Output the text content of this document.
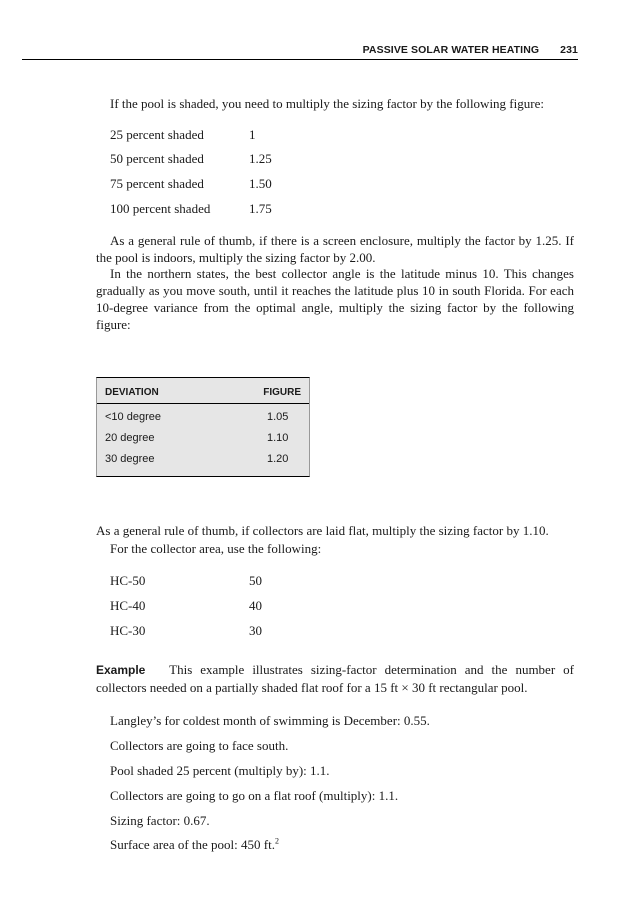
PASSIVE SOLAR WATER HEATING 231
If the pool is shaded, you need to multiply the sizing factor by the following figure:
25 percent shaded	1
50 percent shaded	1.25
75 percent shaded	1.50
100 percent shaded	1.75
As a general rule of thumb, if there is a screen enclosure, multiply the factor by 1.25. If the pool is indoors, multiply the sizing factor by 2.00.
In the northern states, the best collector angle is the latitude minus 10. This changes gradually as you move south, until it reaches the latitude plus 10 in south Florida. For each 10-degree variance from the optimal angle, multiply the sizing factor by the following figure:
DEVIATION	FIGURE
<10 degree	1.05
20 degree	1.10
30 degree	1.20
As a general rule of thumb, if collectors are laid flat, multiply the sizing factor by 1.10.
For the collector area, use the following:
HC-50	50
HC-40	40
HC-30	30
Example This example illustrates sizing-factor determination and the number of collectors needed on a partially shaded flat roof for a 15 ft × 30 ft rectangular pool.
Langley’s for coldest month of swimming is December: 0.55.
Collectors are going to face south.
Pool shaded 25 percent (multiply by): 1.1.
Collectors are going to go on a flat roof (multiply): 1.1.
Sizing factor: 0.67.
Surface area of the pool: 450 ft.$^2$
